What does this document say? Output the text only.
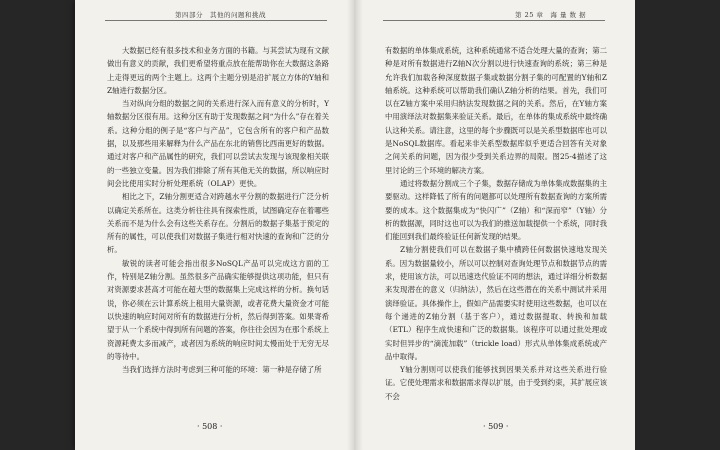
第四部分　其他的问题和挑战

大数据已经有很多技术和业务方面的书籍。与其尝试为现有文献做出有意义的贡献，我们更希望将重点放在能帮助你在大数据这条路上走得更远的两个主题上。这两个主题分别是沿扩展立方体的Y轴和Z轴进行数据分区。

当对纵向分组的数据之间的关系进行深入而有意义的分析时，Y轴数据分区很有用。这种分区有助于发现数据之间“为什么”存在着关系。这种分组的例子是“客户与产品”，它包含所有的客户和产品数据，以及那些用来解释为什么产品在东北的销售比西南更好的数据。通过对客户和产品属性的研究，我们可以尝试去发现与该现象相关联的一些独立变量。因为我们排除了所有其他无关的数据，所以响应时间会比使用实时分析处理系统（OLAP）更快。

相比之下，Z轴分割更适合对跨越水平分割的数据进行广泛分析以确定关系所在。这类分析往往具有探索性质，试图确定存在着哪些关系而不是为什么会有这些关系存在。分割后的数据子集基于预定的所有的属性，可以使我们对数据子集进行相对快速的查询和广泛的分析。

敏锐的读者可能会指出很多NoSQL产品可以完成这方面的工作，特别是Z轴分割。虽然很多产品确实能够提供这项功能，但只有对资源要求甚高才可能在超大型的数据集上完成这样的分析。换句话说，你必须在云计算系统上租用大量资源，或者花费大量资金才可能以快速的响应时间对所有的数据进行分析，然后得到答案。如果寄希望于从一个系统中得到所有问题的答案，你往往会因为在那个系统上资源耗费太多而减产，或者因为系统的响应时间太慢而处于无穷无尽的等待中。

当我们选择方法时考虑到三种可能的环境：第一种是存储了所

· 508 ·
第 25 章　海 量 数 据

有数据的单体集成系统，这种系统通常不适合处理大量的查询；第二种是对所有数据进行Z轴N次分割以进行快速查询的系统；第三种是允许我们加载各种深度数据子集或数据分割子集的可配置的Y轴和Z轴系统。这种系统可以帮助我们确认Z轴分析的结果。首先，我们可以在Z轴方案中采用归纳法发现数据之间的关系。然后，在Y轴方案中用演绎法对数据集来验证关系。最后，在单体的集成系统中最终确认这种关系。请注意，这里的每个步骤既可以是关系型数据库也可以是NoSQL数据库。看起来非关系型数据库似乎更适合回答有关对象之间关系的问题，因为很少受到关系边界的局限。图25-4描述了这里讨论的三个环境的解决方案。

通过将数据分割成三个子集，数据存储成为单体集成数据集的主要驱动。这样降低了所有的问题都可以处理所有数据查询的方案所需要的成本。这个数据集成为“快闪广”（Z轴）和“深而窄”（Y轴）分析的数据源，同时这也可以为我们的推送加载提供一个系统，同时我们能回到我们最终验证任何新发现的结果。

Z轴分割使我们可以在数据子集中横跨任何数据快速地发现关系。因为数据量较小，所以可以控制对查询处理节点和数据节点的需求，使用该方法，可以迅速迭代验证不同的想法，通过详细分析数据来发现潜在的意义（归纳法），然后在这些潜在的关系中测试并采用演绎验证。具体操作上，假如产品需要实时使用这些数据，也可以在每个递进的Z轴分割（基于客户），通过数据提取、转换和加载（ETL）程序生成快速和广泛的数据集。该程序可以通过批处理或实时但异步的“滴流加载”（trickle load）形式从单体集成系统或产品中取得。

Y轴分割则可以使我们能够找到因果关系并对这些关系进行验证。它使处理需求和数据需求得以扩展，由于受到约束，其扩展应该不会

· 509 ·
